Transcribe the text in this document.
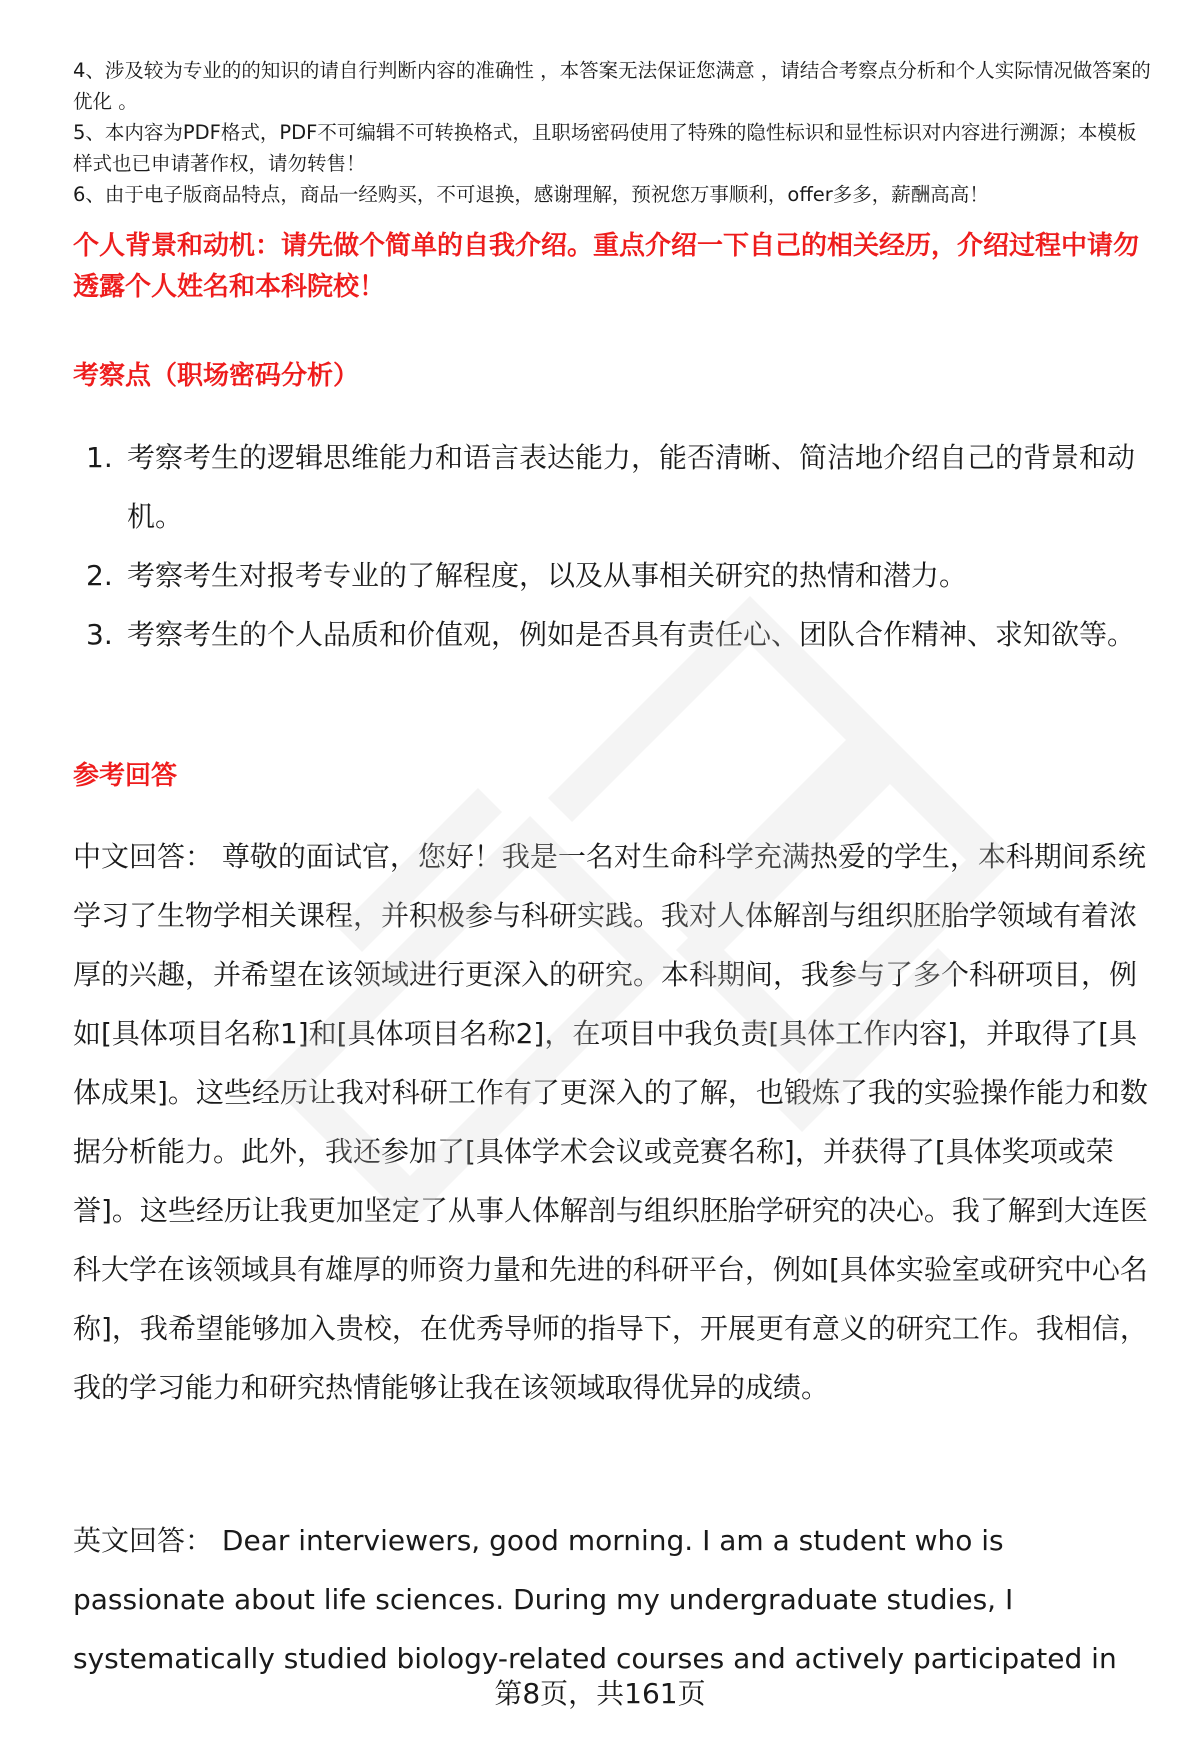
4、涉及较为专业的的知识的请自行判断内容的准确性 ，本答案无法保证您满意 ，请结合考察点分析和个人实际情况做答案的优化 。

5、本内容为PDF格式，PDF不可编辑不可转换格式，且职场密码使用了特殊的隐性标识和显性标识对内容进行溯源；本模板样式也已申请著作权，请勿转售！

6、由于电子版商品特点，商品一经购买，不可退换，感谢理解，预祝您万事顺利，offer多多，薪酬高高！

个人背景和动机：请先做个简单的自我介绍。重点介绍一下自己的相关经历，介绍过程中请勿透露个人姓名和本科院校！

考察点（职场密码分析）

1. 考察考生的逻辑思维能力和语言表达能力，能否清晰、简洁地介绍自己的背景和动机。
2. 考察考生对报考专业的了解程度，以及从事相关研究的热情和潜力。
3. 考察考生的个人品质和价值观，例如是否具有责任心、团队合作精神、求知欲等。

参考回答

中文回答： 尊敬的面试官，您好！我是一名对生命科学充满热爱的学生，本科期间系统学习了生物学相关课程，并积极参与科研实践。我对人体解剖与组织胚胎学领域有着浓厚的兴趣，并希望在该领域进行更深入的研究。本科期间，我参与了多个科研项目，例如[具体项目名称1]和[具体项目名称2]，在项目中我负责[具体工作内容]，并取得了[具体成果]。这些经历让我对科研工作有了更深入的了解，也锻炼了我的实验操作能力和数据分析能力。此外，我还参加了[具体学术会议或竞赛名称]，并获得了[具体奖项或荣誉]。这些经历让我更加坚定了从事人体解剖与组织胚胎学研究的决心。我了解到大连医科大学在该领域具有雄厚的师资力量和先进的科研平台，例如[具体实验室或研究中心名称]，我希望能够加入贵校，在优秀导师的指导下，开展更有意义的研究工作。我相信，我的学习能力和研究热情能够让我在该领域取得优异的成绩。

英文回答： Dear interviewers, good morning. I am a student who is passionate about life sciences. During my undergraduate studies, I systematically studied biology-related courses and actively participated in

第8页，共161页
